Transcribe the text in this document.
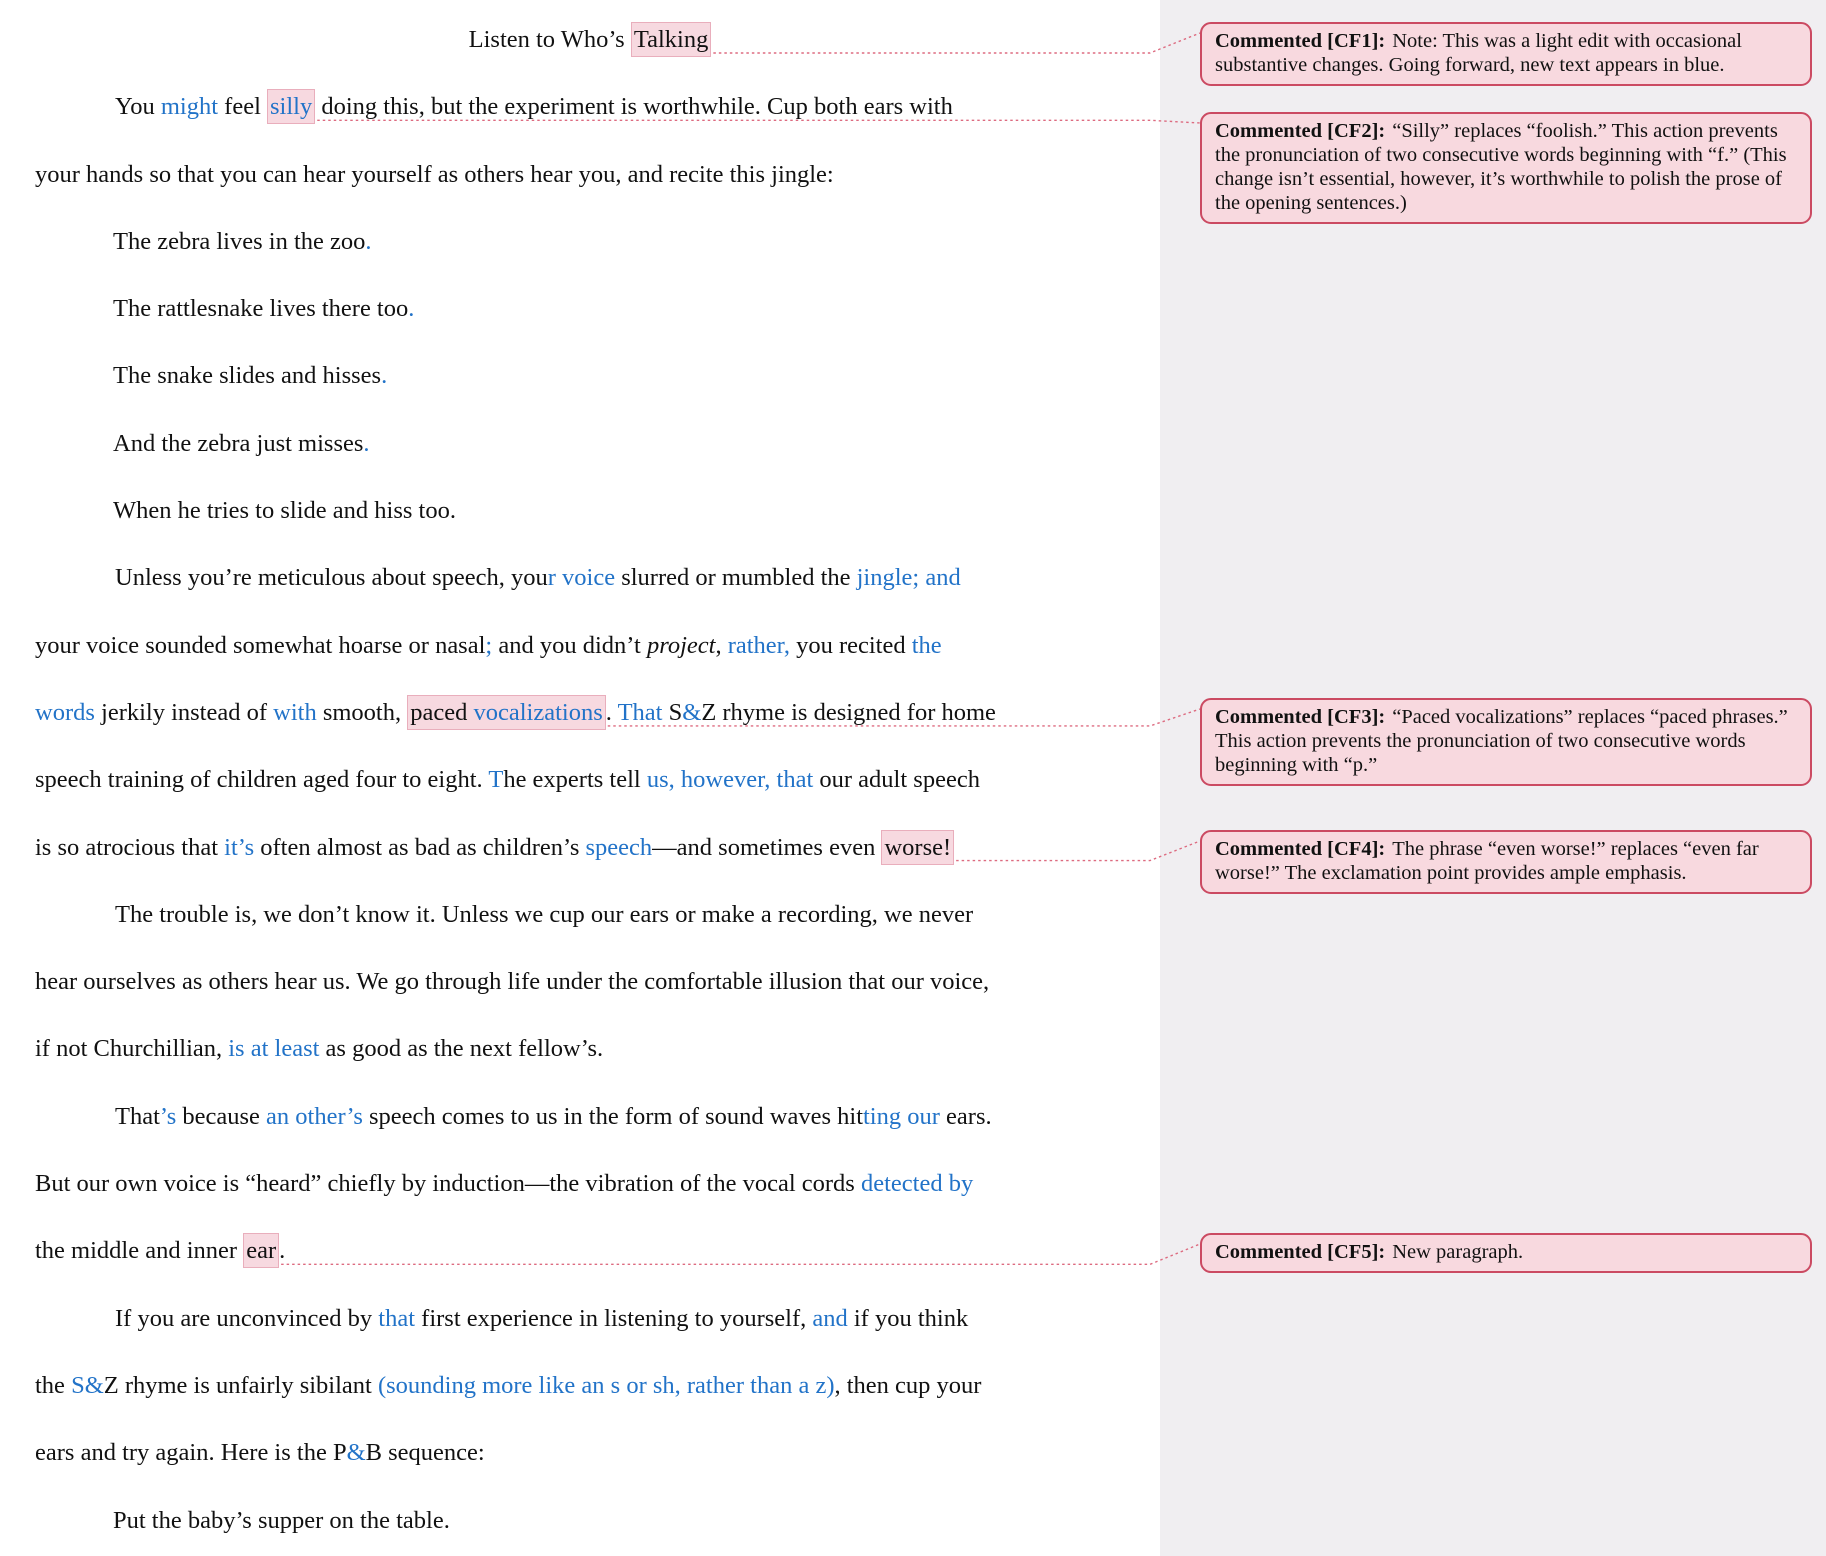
Listen to Who’s Talking
You might feel silly doing this, but the experiment is worthwhile. Cup both ears with
your hands so that you can hear yourself as others hear you, and recite this jingle:
The zebra lives in the zoo.
The rattlesnake lives there too.
The snake slides and hisses.
And the zebra just misses.
When he tries to slide and hiss too.
Unless you’re meticulous about speech, your voice slurred or mumbled the jingle; and
your voice sounded somewhat hoarse or nasal; and you didn’t project, rather, you recited the
words jerkily instead of with smooth, paced vocalizations . That S&Z rhyme is designed for home
speech training of children aged four to eight. The experts tell us, however, that our adult speech
is so atrocious that it’s often almost as bad as children’s speech—and sometimes even worse!
The trouble is, we don’t know it. Unless we cup our ears or make a recording, we never
hear ourselves as others hear us. We go through life under the comfortable illusion that our voice,
if not Churchillian, is at least as good as the next fellow’s.
That’s because an other’s speech comes to us in the form of sound waves hitting our ears.
But our own voice is “heard” chiefly by induction—the vibration of the vocal cords detected by
the middle and inner ear .
If you are unconvinced by that first experience in listening to yourself, and if you think
the S&Z rhyme is unfairly sibilant (sounding more like an s or sh, rather than a z), then cup your
ears and try again. Here is the P&B sequence:
Put the baby’s supper on the table.
Commented [CF1]: Note: This was a light edit with occasional substantive changes. Going forward, new text appears in blue.
Commented [CF2]: “Silly” replaces “foolish.” This action prevents the pronunciation of two consecutive words beginning with “f.” (This change isn’t essential, however, it’s worthwhile to polish the prose of the opening sentences.)
Commented [CF3]: “Paced vocalizations” replaces “paced phrases.” This action prevents the pronunciation of two consecutive words beginning with “p.”
Commented [CF4]: The phrase “even worse!” replaces “even far worse!” The exclamation point provides ample emphasis.
Commented [CF5]: New paragraph.
